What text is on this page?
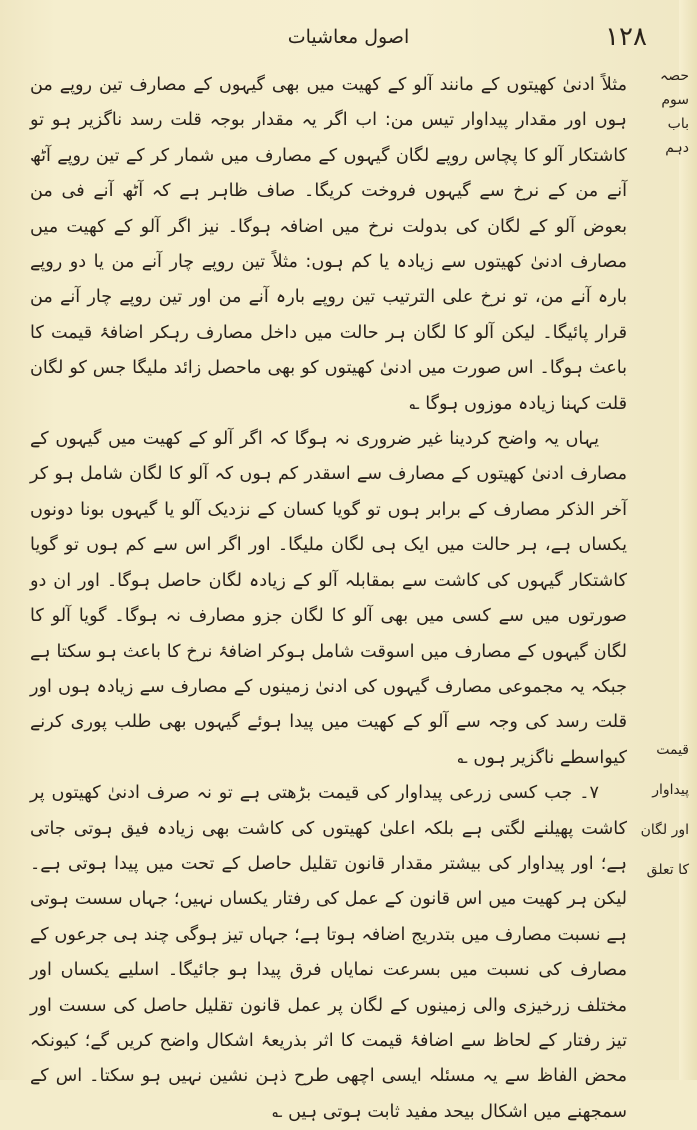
۱۲۸
اصول معاشیات
حصہ سوم
باب دہم
قیمت
پیداوار
اور لگان
کا تعلق

مثلاً ادنیٰ کھیتوں کے مانند آلو کے کھیت میں بھی گیہوں کے مصارف تین روپے من ہوں اور مقدار پیداوار تیس من: اب اگر یہ مقدار بوجہ قلت رسد ناگزیر ہو تو کاشتکار آلو کا پچاس روپے لگان گیہوں کے مصارف میں شمار کر کے تین روپے آٹھ آنے من کے نرخ سے گیہوں فروخت کریگا۔ صاف ظاہر ہے کہ آٹھ آنے فی من بعوض آلو کے لگان کی بدولت نرخ میں اضافہ ہوگا۔ نیز اگر آلو کے کھیت میں مصارف ادنیٰ کھیتوں سے زیادہ یا کم ہوں: مثلاً تین روپے چار آنے من یا دو روپے بارہ آنے من، تو نرخ علی الترتیب تین روپے بارہ آنے من اور تین روپے چار آنے من قرار پائیگا۔ لیکن آلو کا لگان ہر حالت میں داخل مصارف رہکر اضافۂ قیمت کا باعث ہوگا۔ اس صورت میں ادنیٰ کھیتوں کو بھی ماحصل زائد ملیگا جس کو لگان قلت کہنا زیادہ موزوں ہوگا ؎

یہاں یہ واضح کردینا غیر ضروری نہ ہوگا کہ اگر آلو کے کھیت میں گیہوں کے مصارف ادنیٰ کھیتوں کے مصارف سے اسقدر کم ہوں کہ آلو کا لگان شامل ہو کر آخر الذکر مصارف کے برابر ہوں تو گویا کسان کے نزدیک آلو یا گیہوں بونا دونوں یکساں ہے، ہر حالت میں ایک ہی لگان ملیگا۔ اور اگر اس سے کم ہوں تو گویا کاشتکار گیہوں کی کاشت سے بمقابلہ آلو کے زیادہ لگان حاصل ہوگا۔ اور ان دو صورتوں میں سے کسی میں بھی آلو کا لگان جزو مصارف نہ ہوگا۔ گویا آلو کا لگان گیہوں کے مصارف میں اسوقت شامل ہوکر اضافۂ نرخ کا باعث ہو سکتا ہے جبکہ یہ مجموعی مصارف گیہوں کی ادنیٰ زمینوں کے مصارف سے زیادہ ہوں اور قلت رسد کی وجہ سے آلو کے کھیت میں پیدا ہوئے گیہوں بھی طلب پوری کرنے کیواسطے ناگزیر ہوں ؎

۷۔ جب کسی زرعی پیداوار کی قیمت بڑھتی ہے تو نہ صرف ادنیٰ کھیتوں پر کاشت پھیلنے لگتی ہے بلکہ اعلیٰ کھیتوں کی کاشت بھی زیادہ فیق ہوتی جاتی ہے؛ اور پیداوار کی بیشتر مقدار قانون تقلیل حاصل کے تحت میں پیدا ہوتی ہے۔ لیکن ہر کھیت میں اس قانون کے عمل کی رفتار یکساں نہیں؛ جہاں سست ہوتی ہے نسبت مصارف میں بتدریج اضافہ ہوتا ہے؛ جہاں تیز ہوگی چند ہی جرعوں کے مصارف کی نسبت میں بسرعت نمایاں فرق پیدا ہو جائیگا۔ اسلیے یکساں اور مختلف زرخیزی والی زمینوں کے لگان پر عمل قانون تقلیل حاصل کی سست اور تیز رفتار کے لحاظ سے اضافۂ قیمت کا اثر بذریعۂ اشکال واضح کریں گے؛ کیونکہ محض الفاظ سے یہ مسئلہ ایسی اچھی طرح ذہن نشین نہیں ہو سکتا۔ اس کے سمجھنے میں اشکال بیحد مفید ثابت ہوتی ہیں ؎
